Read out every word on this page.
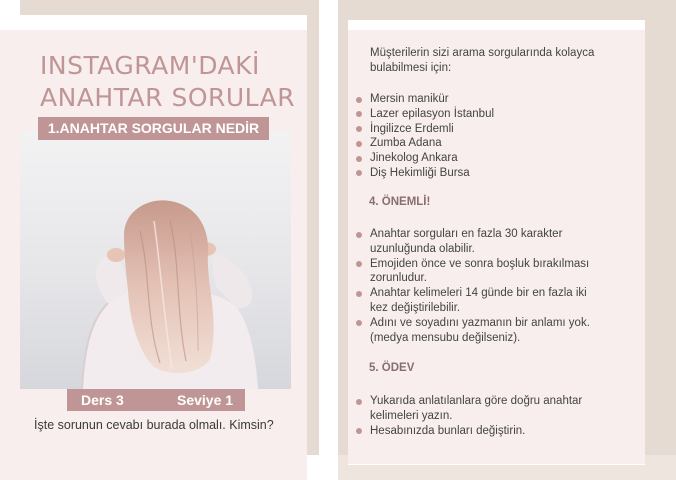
INSTAGRAM'DAKİ
ANAHTAR SORULAR
1.ANAHTAR SORGULAR NEDİR
Ders 3	Seviye 1
İşte sorunun cevabı burada olmalı. Kimsin?
Müşterilerin sizi arama sorgularında kolayca
bulabilmesi için:
Mersin manikür
Lazer epilasyon İstanbul
İngilizce Erdemli
Zumba Adana
Jinekolog Ankara
Diş Hekimliği Bursa
4. ÖNEMLİ!
Anahtar sorguları en fazla 30 karakter
uzunluğunda olabilir.
Emojiden önce ve sonra boşluk bırakılması
zorunludur.
Anahtar kelimeleri 14 günde bir en fazla iki
kez değiştirilebilir.
Adını ve soyadını yazmanın bir anlamı yok.
(medya mensubu değilseniz).
5. ÖDEV
Yukarıda anlatılanlara göre doğru anahtar
kelimeleri yazın.
Hesabınızda bunları değiştirin.
